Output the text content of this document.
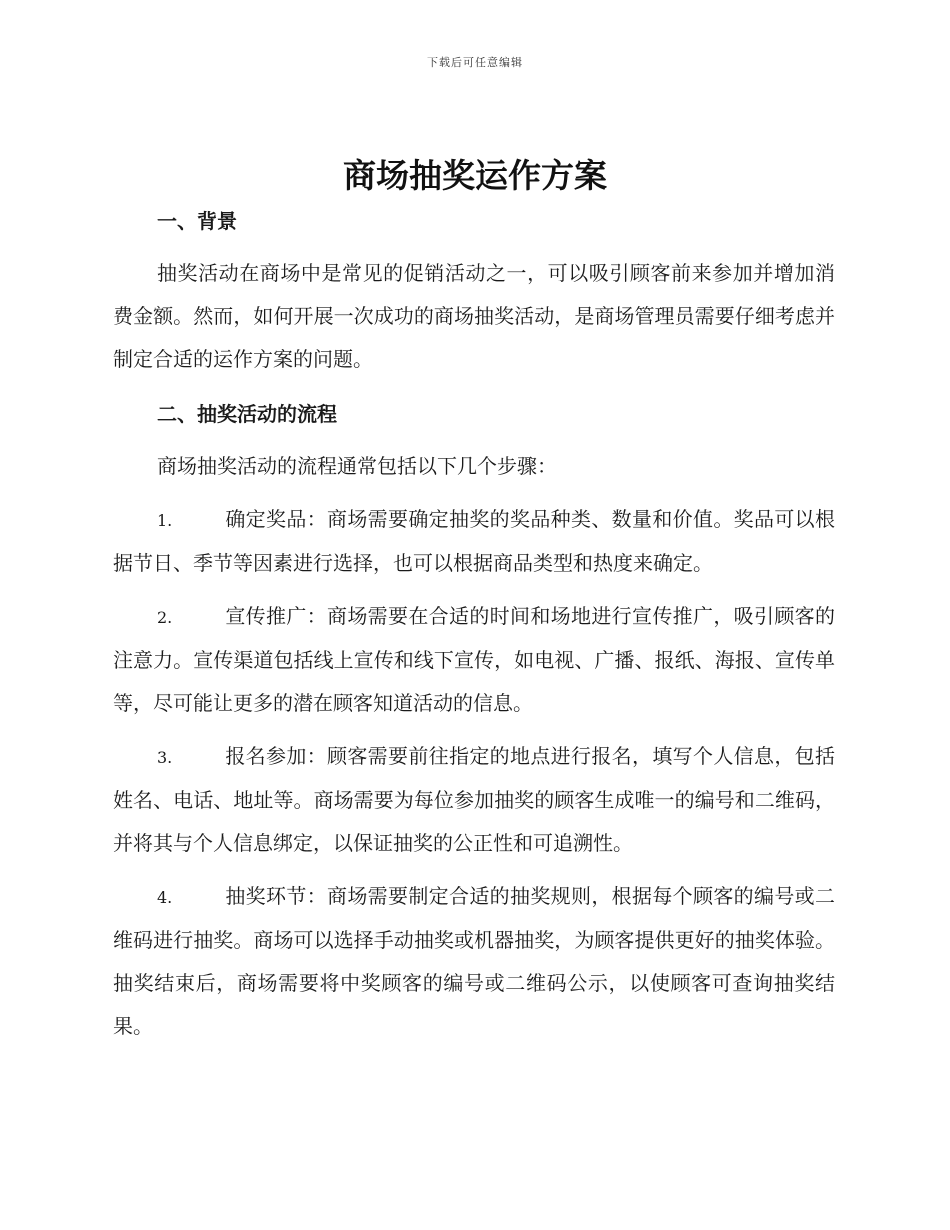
下载后可任意编辑
商场抽奖运作方案
一、背景

抽奖活动在商场中是常见的促销活动之一，可以吸引顾客前来参加并增加消费金额。然而，如何开展一次成功的商场抽奖活动，是商场管理员需要仔细考虑并制定合适的运作方案的问题。

二、抽奖活动的流程

商场抽奖活动的流程通常包括以下几个步骤：

1.	确定奖品：商场需要确定抽奖的奖品种类、数量和价值。奖品可以根据节日、季节等因素进行选择，也可以根据商品类型和热度来确定。

2.	宣传推广：商场需要在合适的时间和场地进行宣传推广，吸引顾客的注意力。宣传渠道包括线上宣传和线下宣传，如电视、广播、报纸、海报、宣传单等，尽可能让更多的潜在顾客知道活动的信息。

3.	报名参加：顾客需要前往指定的地点进行报名，填写个人信息，包括姓名、电话、地址等。商场需要为每位参加抽奖的顾客生成唯一的编号和二维码，并将其与个人信息绑定，以保证抽奖的公正性和可追溯性。

4.	抽奖环节：商场需要制定合适的抽奖规则，根据每个顾客的编号或二维码进行抽奖。商场可以选择手动抽奖或机器抽奖，为顾客提供更好的抽奖体验。抽奖结束后，商场需要将中奖顾客的编号或二维码公示，以使顾客可查询抽奖结果。
